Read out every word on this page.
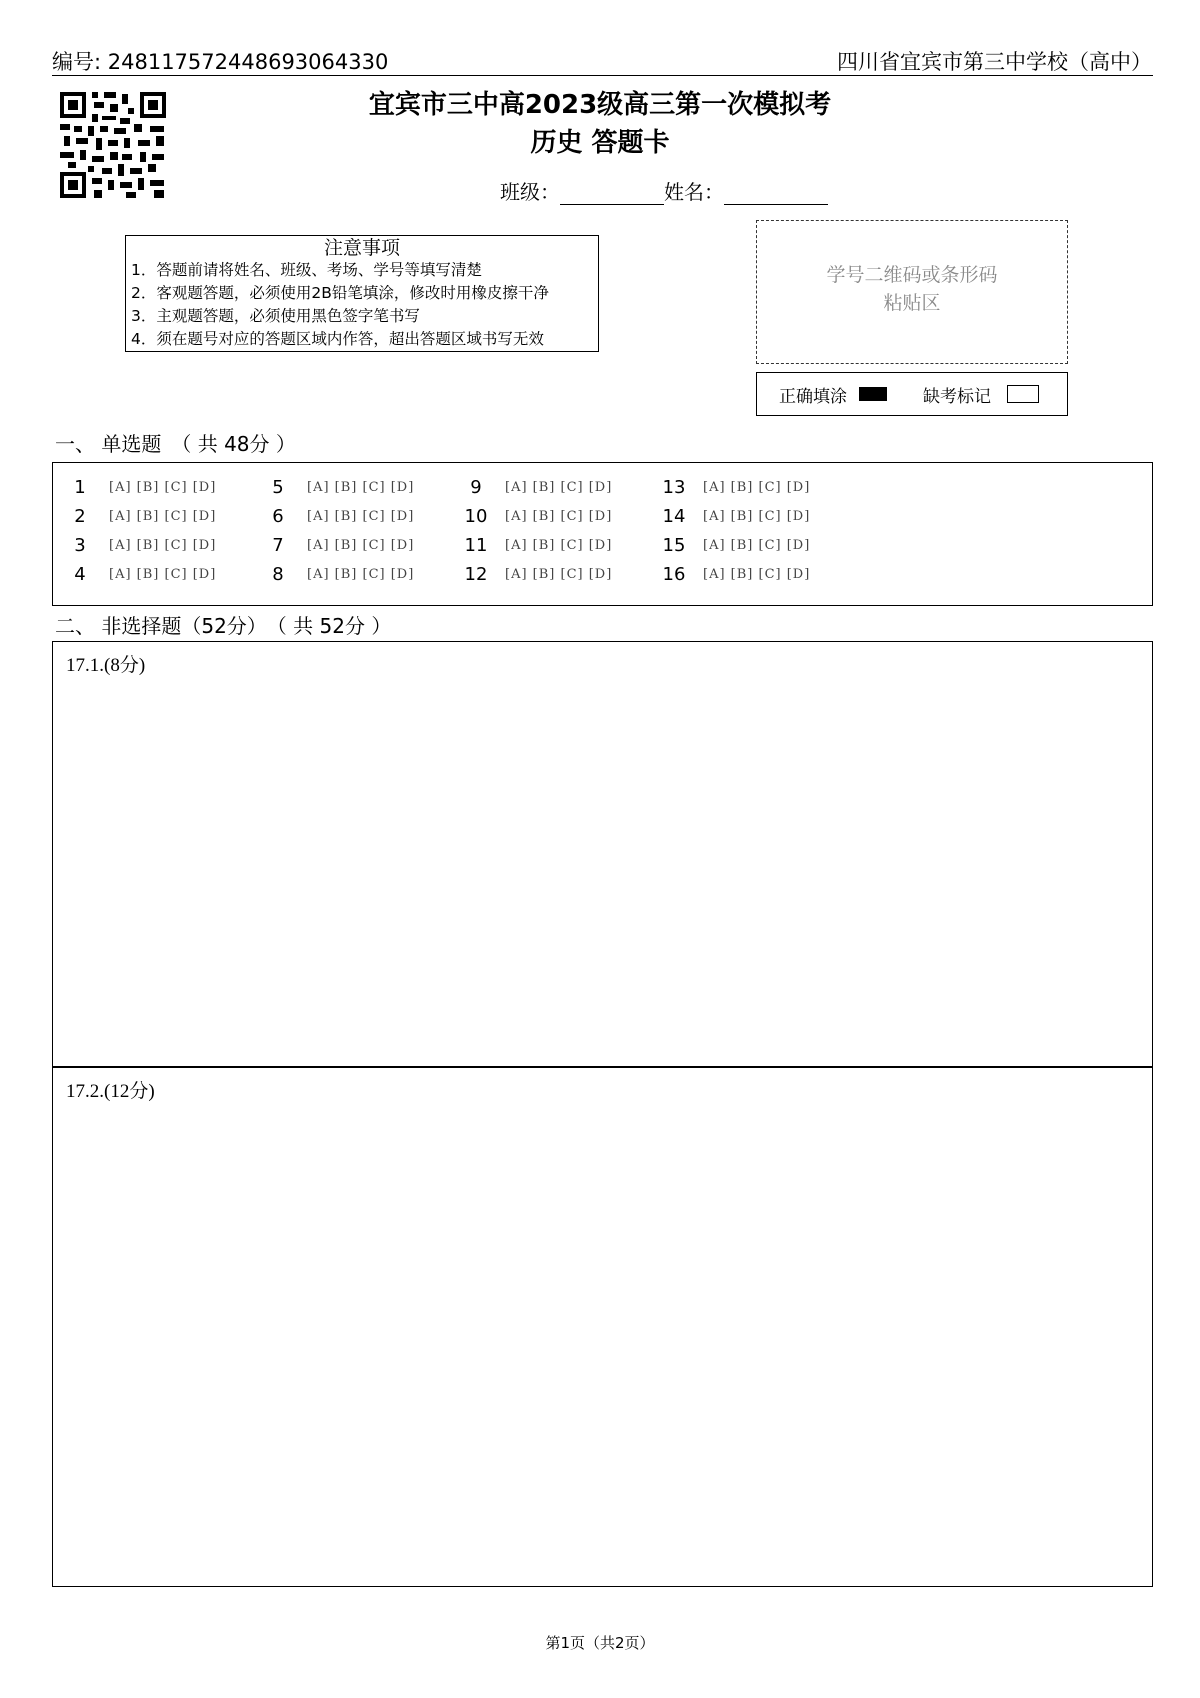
编号: 248117572448693064330	四川省宜宾市第三中学校（高中）
宜宾市三中高2023级高三第一次模拟考
历史 答题卡
班级：	姓名：
注意事项
1．答题前请将姓名、班级、考场、学号等填写清楚
2．客观题答题，必须使用2B铅笔填涂，修改时用橡皮擦干净
3．主观题答题，必须使用黑色签字笔书写
4．须在题号对应的答题区域内作答，超出答题区域书写无效
学号二维码或条形码
粘贴区
正确填涂	缺考标记
一、 单选题　（ 共 48分 ）
1	[A] [B] [C] [D]
2	[A] [B] [C] [D]
3	[A] [B] [C] [D]
4	[A] [B] [C] [D]
5	[A] [B] [C] [D]
6	[A] [B] [C] [D]
7	[A] [B] [C] [D]
8	[A] [B] [C] [D]
9	[A] [B] [C] [D]
10	[A] [B] [C] [D]
11	[A] [B] [C] [D]
12	[A] [B] [C] [D]
13	[A] [B] [C] [D]
14	[A] [B] [C] [D]
15	[A] [B] [C] [D]
16	[A] [B] [C] [D]
二、 非选择题（52分）　（ 共 52分 ）
17.1.(8分)
17.2.(12分)
第1页（共2页）
